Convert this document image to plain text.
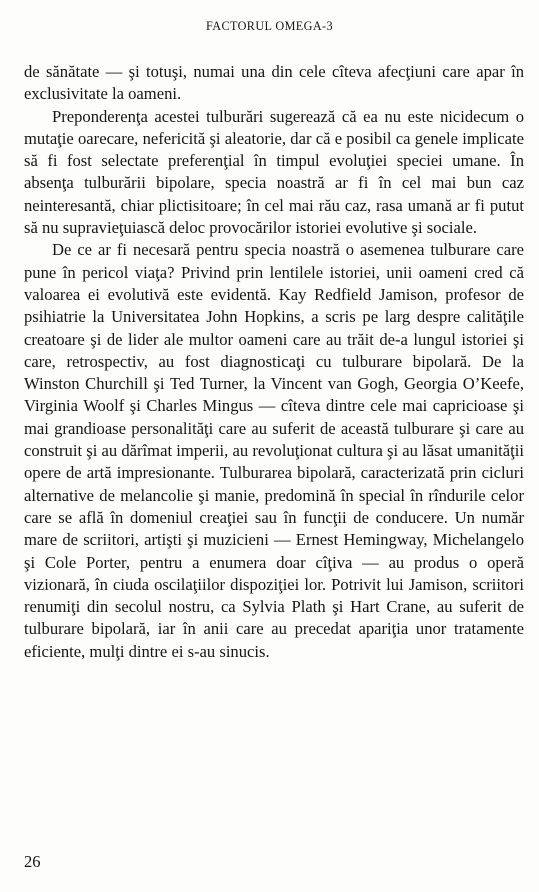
FACTORUL OMEGA-3

de sănătate — şi totuşi, numai una din cele cîteva afecţiuni care apar în exclusivitate la oameni.

Preponderenţa acestei tulburări sugerează că ea nu este nicidecum o mutaţie oarecare, nefericită şi aleatorie, dar că e posibil ca genele implicate să fi fost selectate preferenţial în timpul evoluţiei speciei umane. În absenţa tulburării bipolare, specia noastră ar fi în cel mai bun caz neinteresantă, chiar plictisitoare; în cel mai rău caz, rasa umană ar fi putut să nu supravieţuiască deloc provocărilor istoriei evolutive şi sociale.

De ce ar fi necesară pentru specia noastră o asemenea tulburare care pune în pericol viaţa? Privind prin lentilele istoriei, unii oameni cred că valoarea ei evolutivă este evidentă. Kay Redfield Jamison, profesor de psihiatrie la Universitatea John Hopkins, a scris pe larg despre calităţile creatoare şi de lider ale multor oameni care au trăit de-a lungul istoriei şi care, retrospectiv, au fost diagnosticaţi cu tulburare bipolară. De la Winston Churchill şi Ted Turner, la Vincent van Gogh, Georgia O’Keefe, Virginia Woolf şi Charles Mingus — cîteva dintre cele mai capricioase şi mai grandioase personalităţi care au suferit de această tulburare şi care au construit şi au dărîmat imperii, au revoluţionat cultura şi au lăsat umanităţii opere de artă impresionante. Tulburarea bipolară, caracterizată prin cicluri alternative de melancolie şi manie, predomină în special în rîndurile celor care se află în domeniul creaţiei sau în funcţii de conducere. Un număr mare de scriitori, artişti şi muzicieni — Ernest Hemingway, Michelangelo şi Cole Porter, pentru a enumera doar cîţiva — au produs o operă vizionară, în ciuda oscilaţiilor dispoziţiei lor. Potrivit lui Jamison, scriitori renumiţi din secolul nostru, ca Sylvia Plath şi Hart Crane, au suferit de tulburare bipolară, iar în anii care au precedat apariţia unor tratamente eficiente, mulţi dintre ei s-au sinucis.

26
